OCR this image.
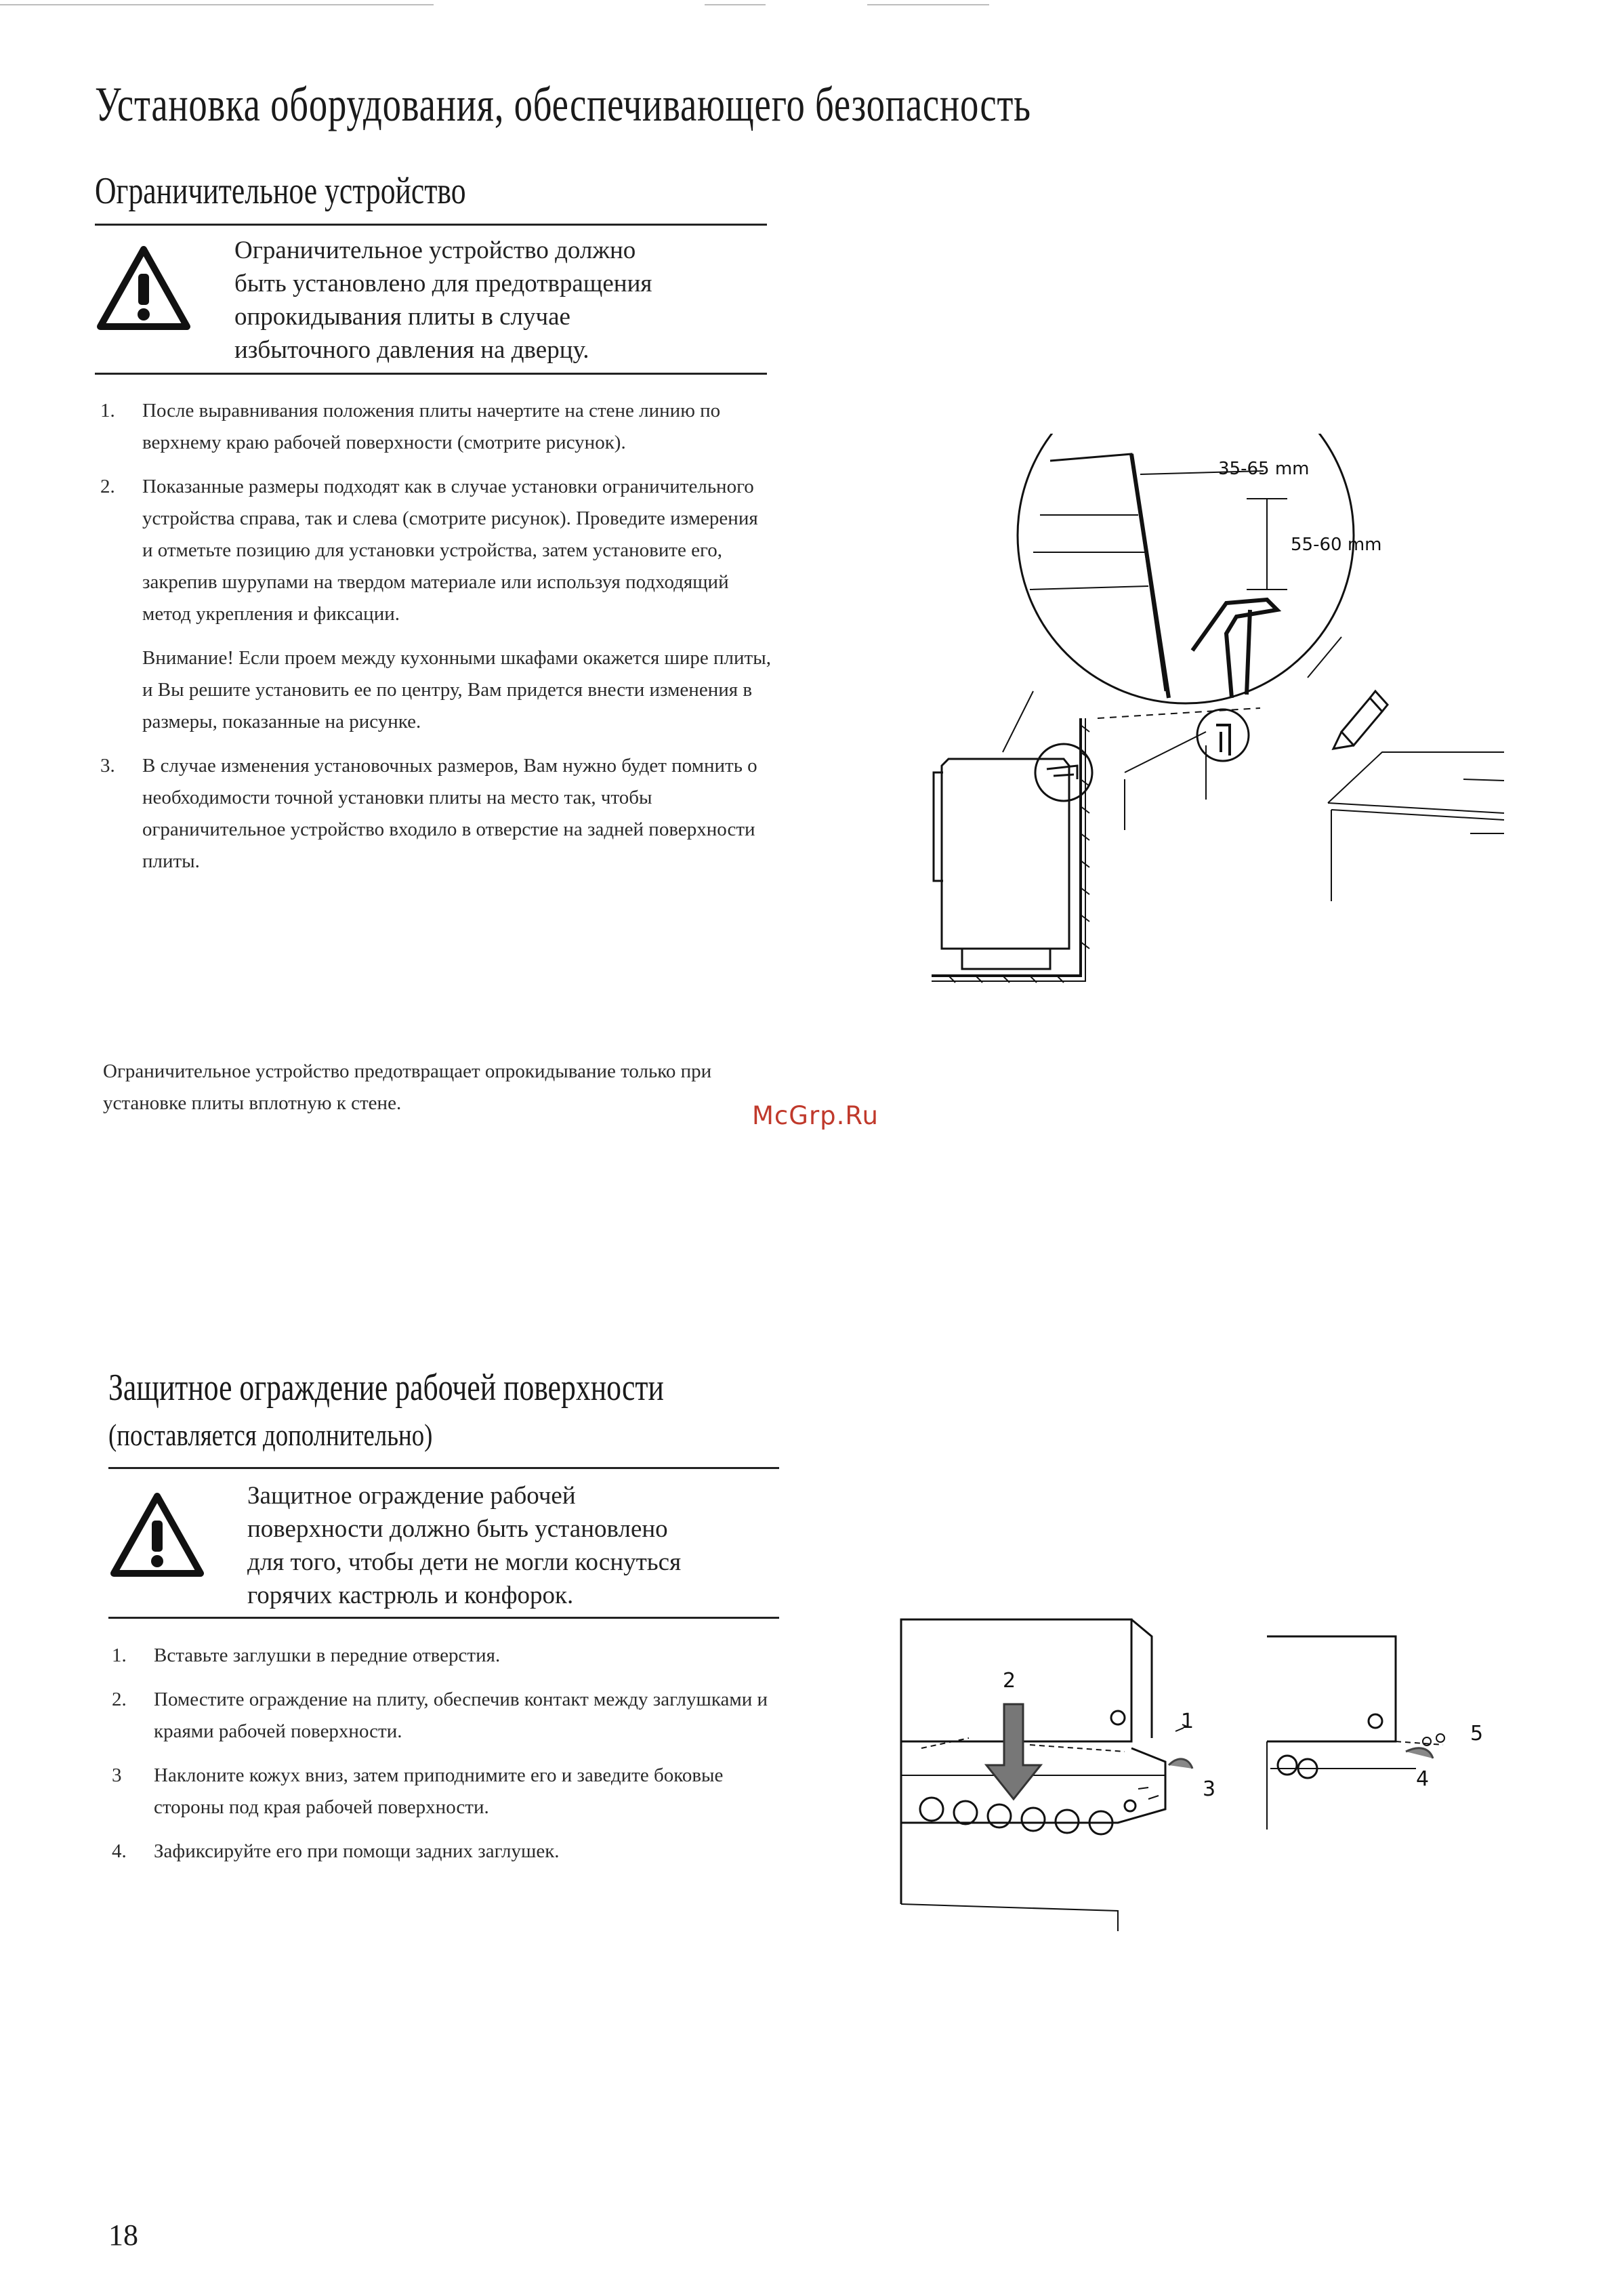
Установка оборудования, обеспечивающего безопасность
Ограничительное устройство
Ограничительное устройство должно
быть установлено для предотвращения
опрокидывания плиты в случае
избыточного давления на дверцу.
1. После выравнивания положения плиты начертите на стене линию по верхнему краю рабочей поверхности (смотрите рисунок).
2. Показанные размеры подходят как в случае установки ограничительного устройства справа, так и слева (смотрите рисунок). Проведите измерения и отметьте позицию для установки устройства, затем установите его, закрепив шурупами на твердом материале или используя подходящий метод укрепления и фиксации.
Внимание! Если проем между кухонными шкафами окажется шире плиты, и Вы решите установить ее по центру, Вам придется внести изменения в размеры, показанные на рисунке.
3. В случае изменения установочных размеров, Вам нужно будет помнить о необходимости точной установки плиты на место так, чтобы ограничительное устройство входило в отверстие на задней поверхности плиты.
Ограничительное устройство предотвращает опрокидывание только при установке плиты вплотную к стене.
35-65 mm
55-60 mm
McGrp.Ru
Защитное ограждение рабочей поверхности
(поставляется дополнительно)
Защитное ограждение рабочей
поверхности должно быть установлено
для того, чтобы дети не могли коснуться
горячих кастрюль и конфорок.
1. Вставьте заглушки в передние отверстия.
2. Поместите ограждение на плиту, обеспечив контакт между заглушками и краями рабочей поверхности.
3 Наклоните кожух вниз, затем приподнимите его и заведите боковые стороны под края рабочей поверхности.
4. Зафиксируйте его при помощи задних заглушек.
1
2
3	4
5
18
